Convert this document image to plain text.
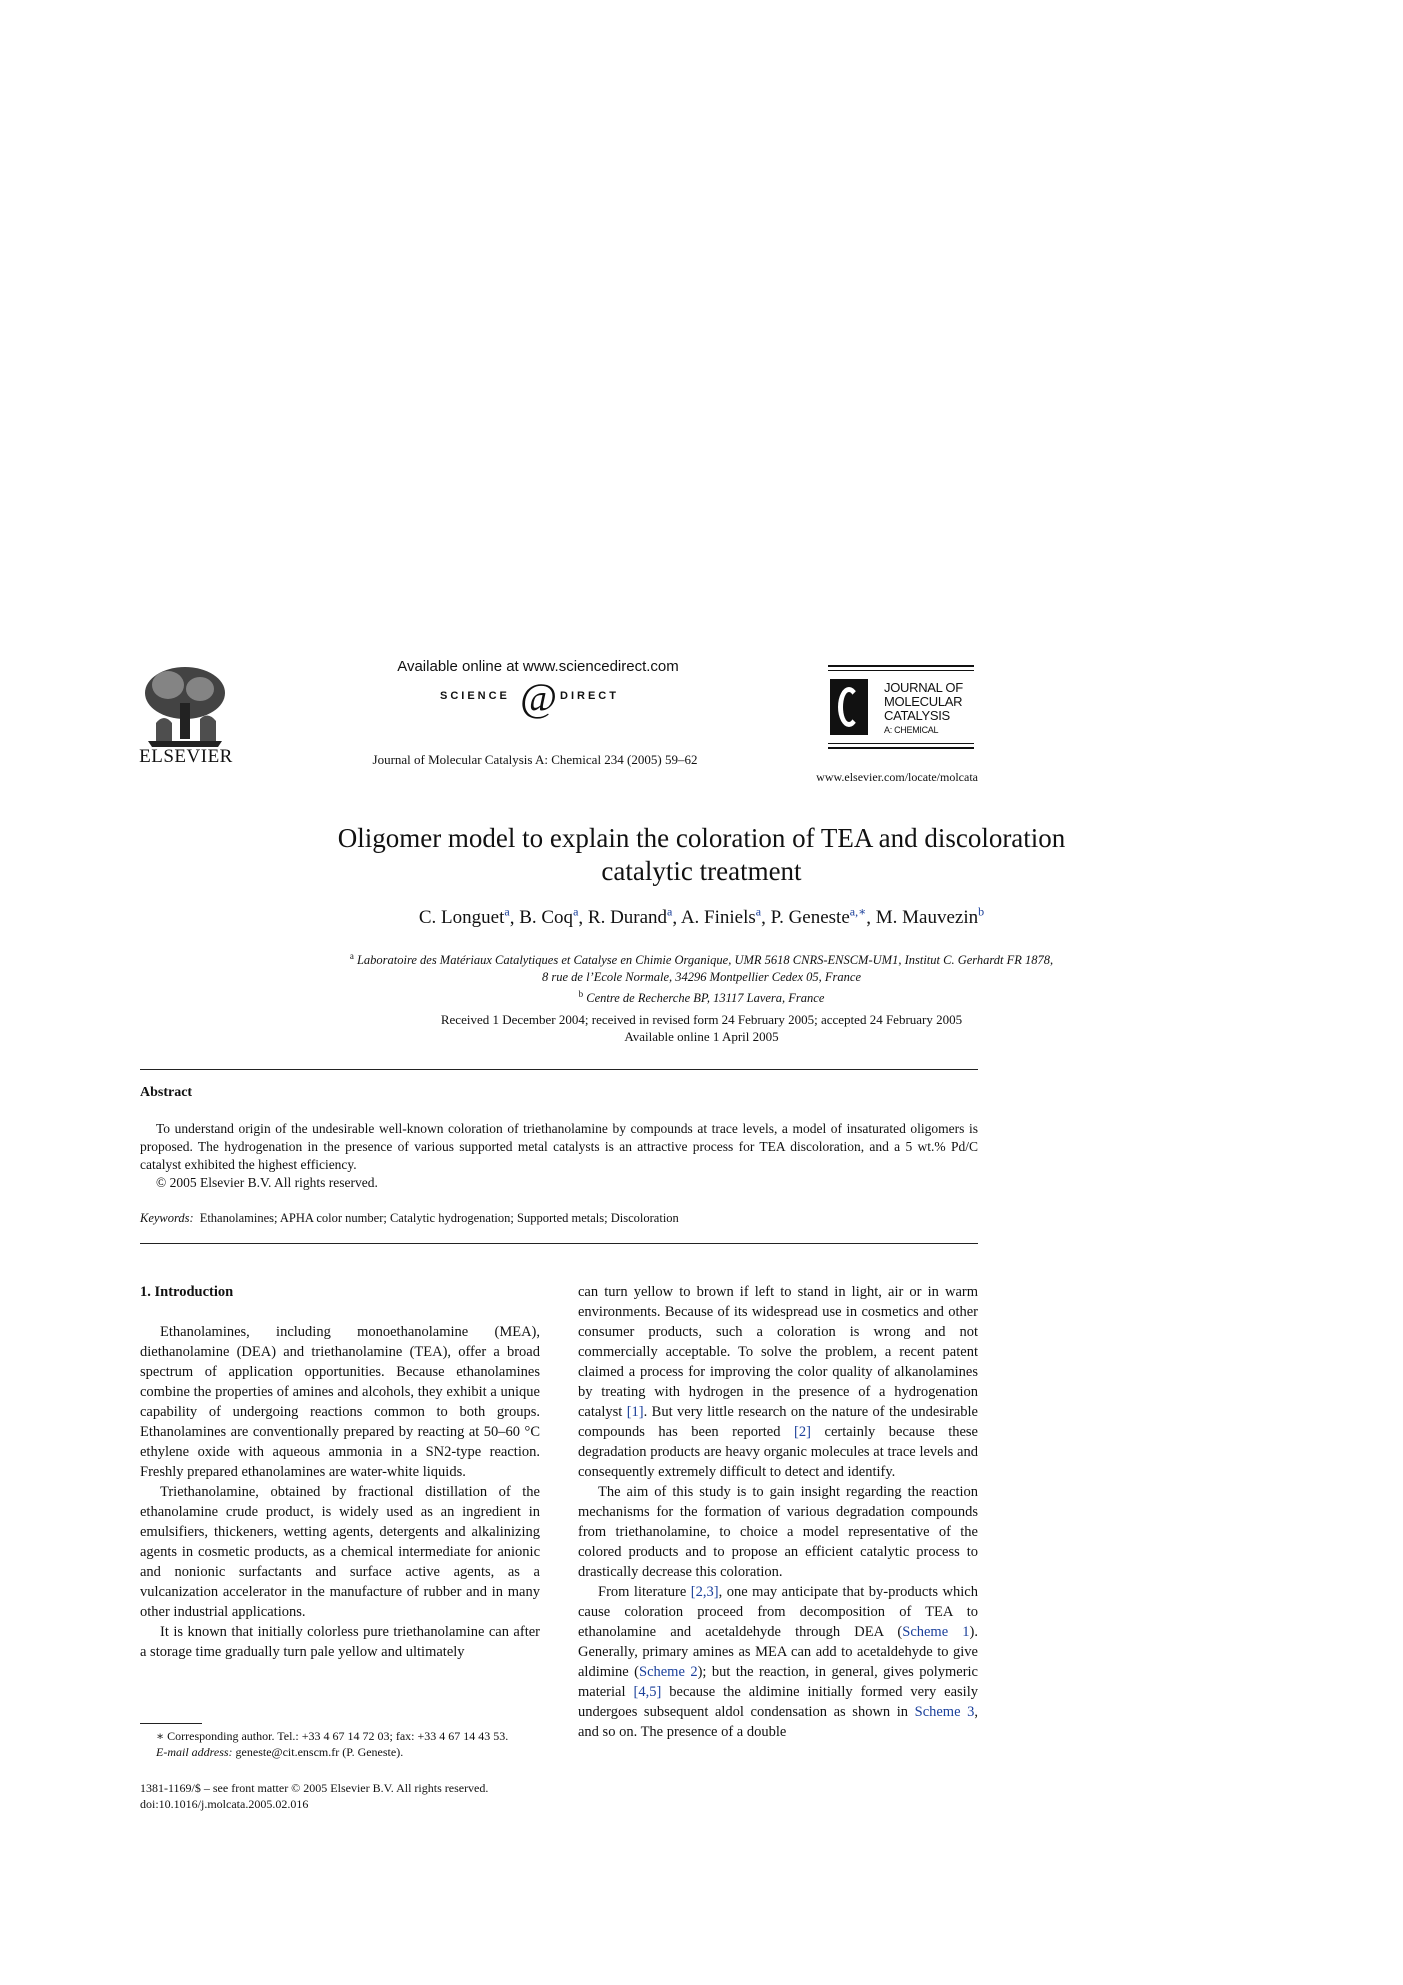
ELSEVIER
Available online at www.sciencedirect.com
SCIENCE @ DIRECT
Journal of Molecular Catalysis A: Chemical 234 (2005) 59–62
JOURNAL OF
MOLECULAR
CATALYSIS
A: CHEMICAL
www.elsevier.com/locate/molcata
Oligomer model to explain the coloration of TEA and discoloration
catalytic treatment
C. Longuet$^a$, B. Coq$^a$, R. Durand$^a$, A. Finiels$^a$, P. Geneste$^{a,∗}$, M. Mauvezin$^b$
$^a$ Laboratoire des Matériaux Catalytiques et Catalyse en Chimie Organique, UMR 5618 CNRS-ENSCM-UM1, Institut C. Gerhardt FR 1878,
8 rue de l’Ecole Normale, 34296 Montpellier Cedex 05, France
$^b$ Centre de Recherche BP, 13117 Lavera, France
Received 1 December 2004; received in revised form 24 February 2005; accepted 24 February 2005
Available online 1 April 2005
Abstract

To understand origin of the undesirable well-known coloration of triethanolamine by compounds at trace levels, a model of insaturated oligomers is proposed. The hydrogenation in the presence of various supported metal catalysts is an attractive process for TEA discoloration, and a 5 wt.% Pd/C catalyst exhibited the highest efficiency.

© 2005 Elsevier B.V. All rights reserved.

Keywords: Ethanolamines; APHA color number; Catalytic hydrogenation; Supported metals; Discoloration
1. Introduction

Ethanolamines, including monoethanolamine (MEA), diethanolamine (DEA) and triethanolamine (TEA), offer a broad spectrum of application opportunities. Because ethanolamines combine the properties of amines and alcohols, they exhibit a unique capability of undergoing reactions common to both groups. Ethanolamines are conventionally prepared by reacting at 50–60 °C ethylene oxide with aqueous ammonia in a SN2-type reaction. Freshly prepared ethanolamines are water-white liquids.

Triethanolamine, obtained by fractional distillation of the ethanolamine crude product, is widely used as an ingredient in emulsifiers, thickeners, wetting agents, detergents and alkalinizing agents in cosmetic products, as a chemical intermediate for anionic and nonionic surfactants and surface active agents, as a vulcanization accelerator in the manufacture of rubber and in many other industrial applications.

It is known that initially colorless pure triethanolamine can after a storage time gradually turn pale yellow and ultimately

can turn yellow to brown if left to stand in light, air or in warm environments. Because of its widespread use in cosmetics and other consumer products, such a coloration is wrong and not commercially acceptable. To solve the problem, a recent patent claimed a process for improving the color quality of alkanolamines by treating with hydrogen in the presence of a hydrogenation catalyst [1]. But very little research on the nature of the undesirable compounds has been reported [2] certainly because these degradation products are heavy organic molecules at trace levels and consequently extremely difficult to detect and identify.

The aim of this study is to gain insight regarding the reaction mechanisms for the formation of various degradation compounds from triethanolamine, to choice a model representative of the colored products and to propose an efficient catalytic process to drastically decrease this coloration.

From literature [2,3], one may anticipate that by-products which cause coloration proceed from decomposition of TEA to ethanolamine and acetaldehyde through DEA (Scheme 1). Generally, primary amines as MEA can add to acetaldehyde to give aldimine (Scheme 2); but the reaction, in general, gives polymeric material [4,5] because the aldimine initially formed very easily undergoes subsequent aldol condensation as shown in Scheme 3, and so on. The presence of a double

∗ Corresponding author. Tel.: +33 4 67 14 72 03; fax: +33 4 67 14 43 53.

E-mail address: geneste@cit.enscm.fr (P. Geneste).

1381-1169/$ – see front matter © 2005 Elsevier B.V. All rights reserved.

doi:10.1016/j.molcata.2005.02.016
